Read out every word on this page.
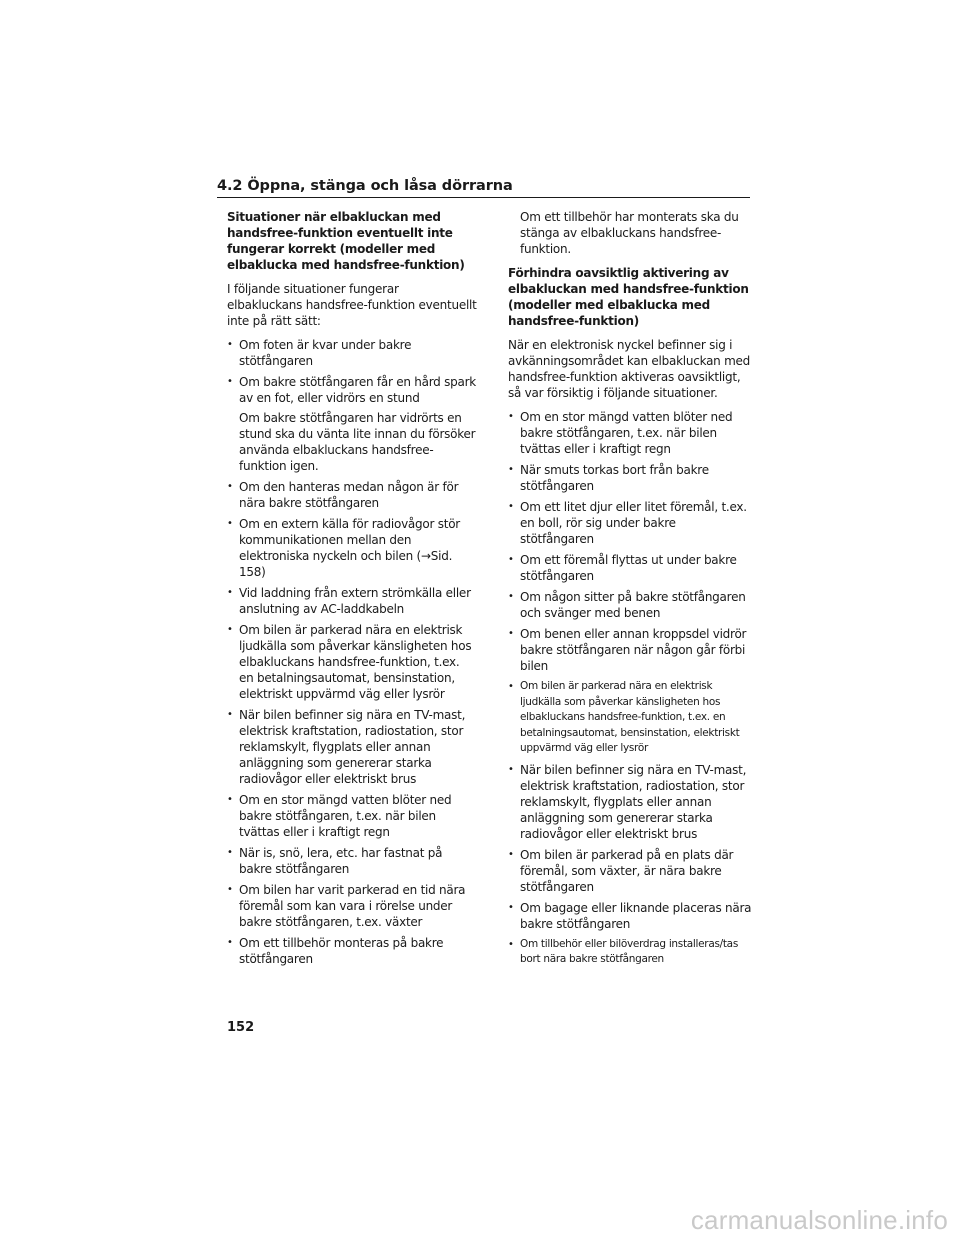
4.2 Öppna, stänga och låsa dörrarna
Situationer när elbakluckan med handsfree-funktion eventuellt inte fungerar korrekt (modeller med elbaklucka med handsfree-funktion)
I följande situationer fungerar elbakluckans handsfree-funktion eventuellt inte på rätt sätt:
• Om foten är kvar under bakre stötfångaren
• Om bakre stötfångaren får en hård spark av en fot, eller vidrörs en stund
Om bakre stötfångaren har vidrörts en stund ska du vänta lite innan du försöker använda elbakluckans handsfree-funktion igen.
• Om den hanteras medan någon är för nära bakre stötfångaren
• Om en extern källa för radiovågor stör kommunikationen mellan den elektroniska nyckeln och bilen (→Sid. 158)
• Vid laddning från extern strömkälla eller anslutning av AC-laddkabeln
• Om bilen är parkerad nära en elektrisk ljudkälla som påverkar känsligheten hos elbakluckans handsfree-funktion, t.ex. en betalningsautomat, bensinstation, elektriskt uppvärmd väg eller lysrör
• När bilen befinner sig nära en TV-mast, elektrisk kraftstation, radiostation, stor reklamskylt, flygplats eller annan anläggning som genererar starka radiovågor eller elektriskt brus
• Om en stor mängd vatten blöter ned bakre stötfångaren, t.ex. när bilen tvättas eller i kraftigt regn
• När is, snö, lera, etc. har fastnat på bakre stötfångaren
• Om bilen har varit parkerad en tid nära föremål som kan vara i rörelse under bakre stötfångaren, t.ex. växter
• Om ett tillbehör monteras på bakre stötfångaren
Om ett tillbehör har monterats ska du stänga av elbakluckans handsfree-funktion.
Förhindra oavsiktlig aktivering av elbakluckan med handsfree-funktion (modeller med elbaklucka med handsfree-funktion)
När en elektronisk nyckel befinner sig i avkänningsområdet kan elbakluckan med handsfree-funktion aktiveras oavsiktligt, så var försiktig i följande situationer.
• Om en stor mängd vatten blöter ned bakre stötfångaren, t.ex. när bilen tvättas eller i kraftigt regn
• När smuts torkas bort från bakre stötfångaren
• Om ett litet djur eller litet föremål, t.ex. en boll, rör sig under bakre stötfångaren
• Om ett föremål flyttas ut under bakre stötfångaren
• Om någon sitter på bakre stötfångaren och svänger med benen
• Om benen eller annan kroppsdel vidrör bakre stötfångaren när någon går förbi bilen
• Om bilen är parkerad nära en elektrisk ljudkälla som påverkar känsligheten hos elbakluckans handsfree-funktion, t.ex. en betalningsautomat, bensinstation, elektriskt uppvärmd väg eller lysrör
• När bilen befinner sig nära en TV-mast, elektrisk kraftstation, radiostation, stor reklamskylt, flygplats eller annan anläggning som genererar starka radiovågor eller elektriskt brus
• Om bilen är parkerad på en plats där föremål, som växter, är nära bakre stötfångaren
• Om bagage eller liknande placeras nära bakre stötfångaren
• Om tillbehör eller bilöverdrag installeras/tas bort nära bakre stötfångaren
152
carmanualsonline.info
